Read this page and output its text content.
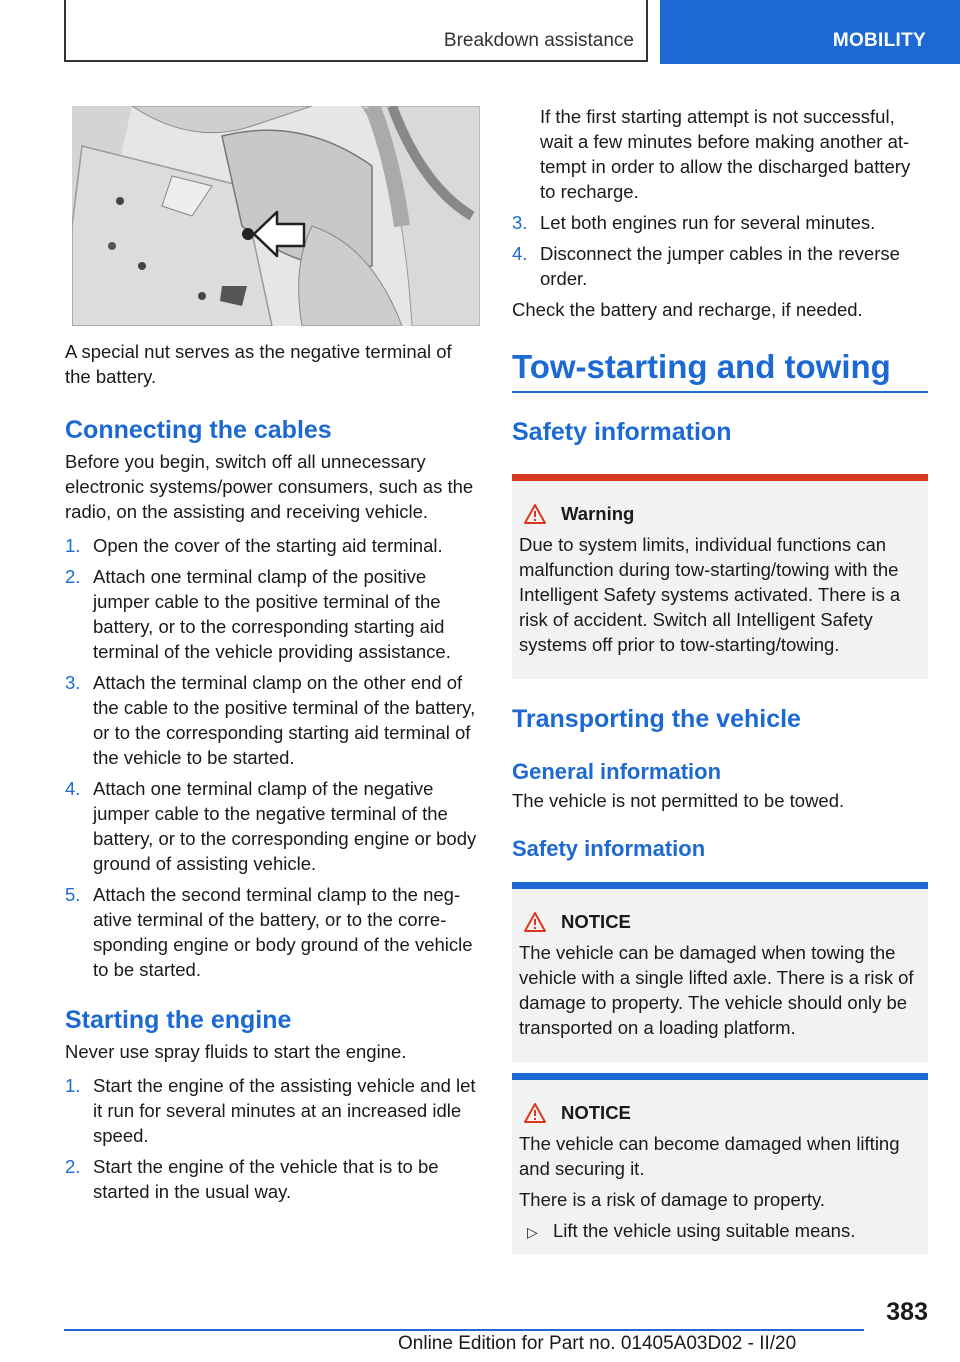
Breakdown assistance	MOBILITY

A special nut serves as the negative terminal of the battery.

Connecting the cables

Before you begin, switch off all unnecessary electronic systems/power consumers, such as the radio, on the assisting and receiving vehicle.

1. Open the cover of the starting aid terminal.
2. Attach one terminal clamp of the positive jumper cable to the positive terminal of the battery, or to the corresponding starting aid terminal of the vehicle providing assistance.
3. Attach the terminal clamp on the other end of the cable to the positive terminal of the battery, or to the corresponding starting aid terminal of the vehicle to be started.
4. Attach one terminal clamp of the negative jumper cable to the negative terminal of the battery, or to the corresponding engine or body ground of assisting vehicle.
5. Attach the second terminal clamp to the negative terminal of the battery, or to the corresponding engine or body ground of the vehicle to be started.
Starting the engine

Never use spray fluids to start the engine.

1. Start the engine of the assisting vehicle and let it run for several minutes at an increased idle speed.
2. Start the engine of the vehicle that is to be started in the usual way.

If the first starting attempt is not successful, wait a few minutes before making another attempt in order to allow the discharged battery to recharge.

3. Let both engines run for several minutes.
4. Disconnect the jumper cables in the reverse order.

Check the battery and recharge, if needed.

Tow-starting and towing
Safety information
Warning

Due to system limits, individual functions can malfunction during tow-starting/towing with the Intelligent Safety systems activated. There is a risk of accident. Switch all Intelligent Safety systems off prior to tow-starting/towing.

Transporting the vehicle
General information

The vehicle is not permitted to be towed.

Safety information
NOTICE

The vehicle can be damaged when towing the vehicle with a single lifted axle. There is a risk of damage to property. The vehicle should only be transported on a loading platform.

NOTICE

The vehicle can become damaged when lifting and securing it.

There is a risk of damage to property.

▷ Lift the vehicle using suitable means.

383
Online Edition for Part no. 01405A03D02 - II/20
